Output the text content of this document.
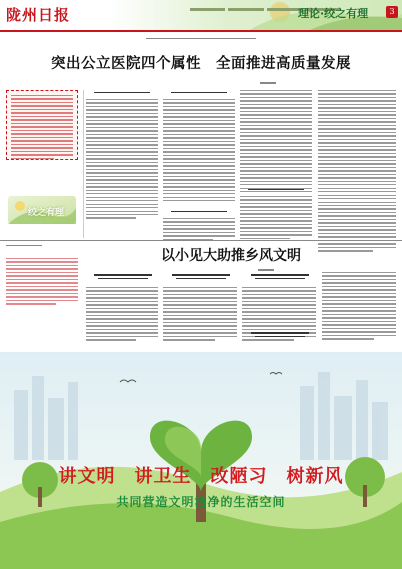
陇州日报	理论·绞之有理	3
突出公立医院四个属性　全面推进高质量发展
绞之有理
以小见大助推乡风文明
讲文明　讲卫生　改陋习　树新风
共同营造文明洁净的生活空间
